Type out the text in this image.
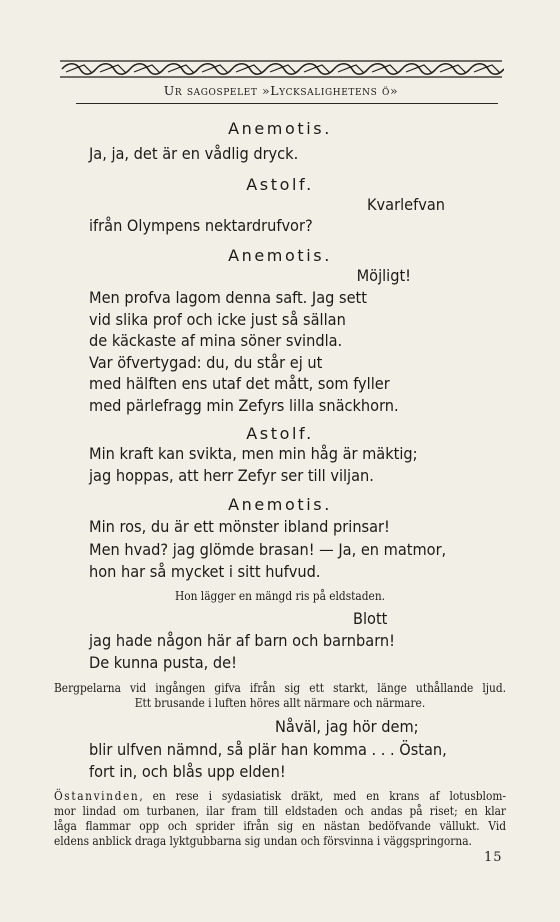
Ur sagospelet »Lycksalighetens ö»
Anemotis.
Ja, ja, det är en vådlig dryck.
Astolf.
Kvarlefvan
ifrån Olympens nektardrufvor?
Anemotis.
Möjligt!
Men profva lagom denna saft. Jag sett
vid slika prof och icke just så sällan
de käckaste af mina söner svindla.
Var öfvertygad: du, du står ej ut
med hälften ens utaf det mått, som fyller
med pärlefragg min Zefyrs lilla snäckhorn.
Astolf.
Min kraft kan svikta, men min håg är mäktig;
jag hoppas, att herr Zefyr ser till viljan.
Anemotis.
Min ros, du är ett mönster ibland prinsar!
Men hvad? jag glömde brasan! — Ja, en matmor,
hon har så mycket i sitt hufvud.
Hon lägger en mängd ris på eldstaden.
Blott
jag hade någon här af barn och barnbarn!
De kunna pusta, de!
Bergpelarna vid ingången gifva ifrån sig ett starkt, länge uthållande ljud.
Ett brusande i luften höres allt närmare och närmare.
Nåväl, jag hör dem;
blir ulfven nämnd, så plär han komma . . . Östan,
fort in, och blås upp elden!
Östanvinden, en rese i sydasiatisk dräkt, med en krans af lotusblom-
mor lindad om turbanen, ilar fram till eldstaden och andas på riset; en klar
låga flammar opp och sprider ifrån sig en nästan bedöfvande vällukt. Vid
eldens anblick draga lyktgubbarna sig undan och försvinna i väggspringorna.
15
